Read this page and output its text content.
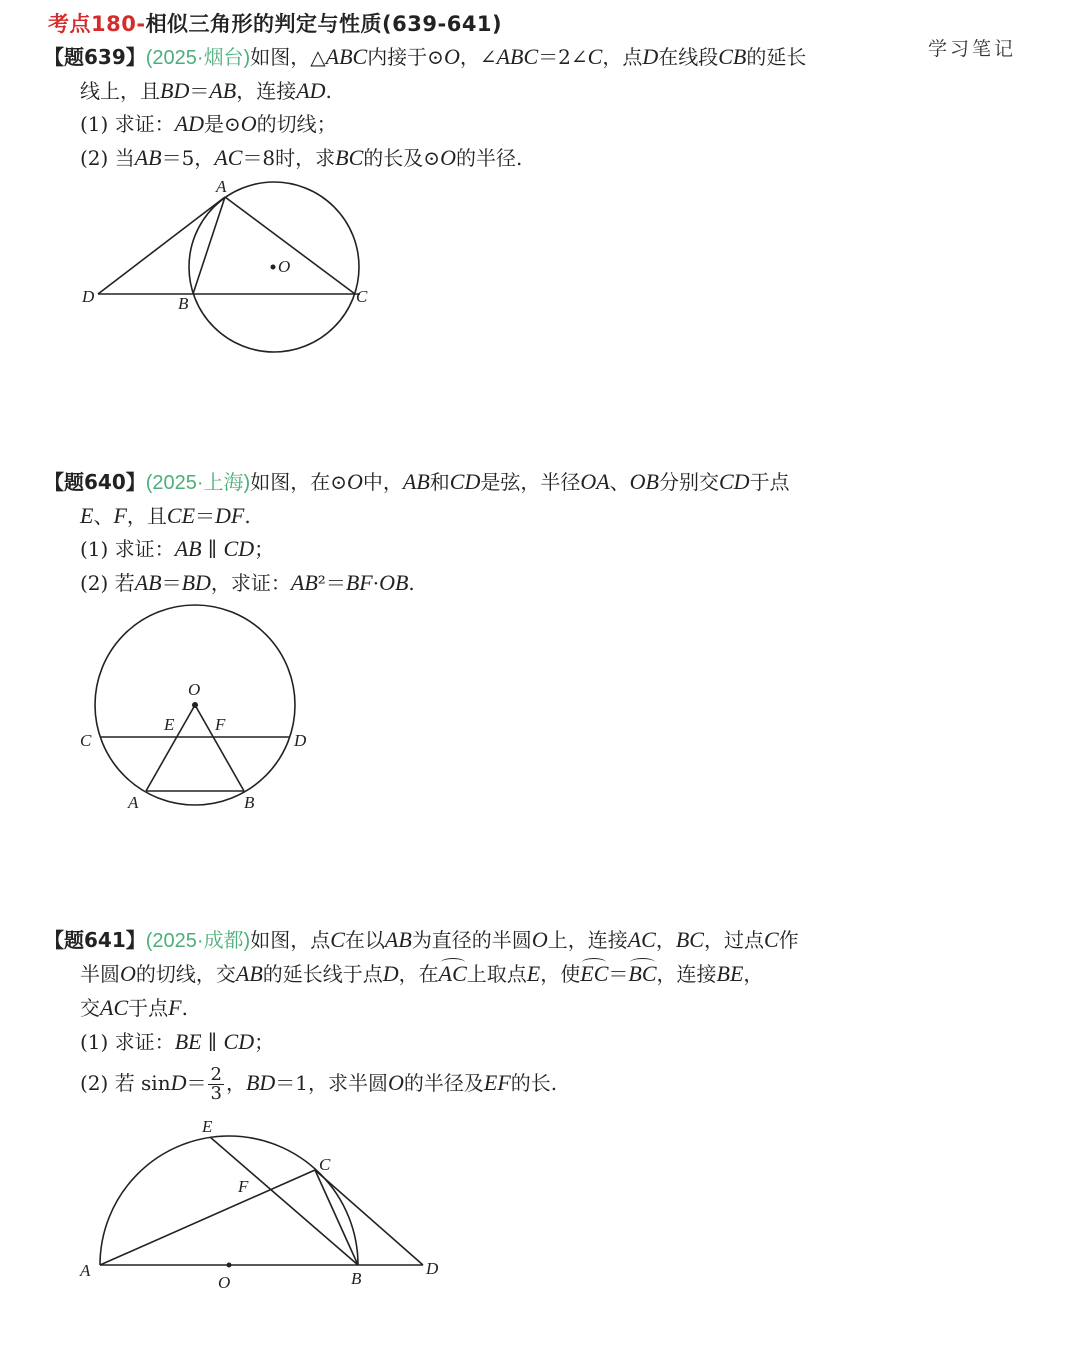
考点180-相似三角形的判定与性质(639-641)
学习笔记
【题639】(2025·烟台)如图，△ABC内接于⊙O，∠ABC＝2∠C，点D在线段CB的延长
线上，且BD＝AB，连接AD.
(1) 求证：AD是⊙O的切线；
(2) 当AB＝5，AC＝8时，求BC的长及⊙O的半径.
A
O
D	B	C
【题640】(2025·上海)如图，在⊙O中，AB和CD是弦，半径OA、OB分别交CD于点
E、F，且CE＝DF.
(1) 求证：AB ∥ CD；
(2) 若AB＝BD，求证：AB²＝BF·OB.
O
E F
C	D
A	B
【题641】(2025·成都)如图，点C在以AB为直径的半圆O上，连接AC，BC，过点C作
半圆O的切线，交AB的延长线于点D，在AC上取点E，使EC＝BC，连接BE，
交AC于点F.
(1) 求证：BE ∥ CD；
(2) 若 $\sin D= \frac{2}{3}$ ，BD＝1，求半圆O的半径及EF的长.
E
C
F
A
O	B
D
